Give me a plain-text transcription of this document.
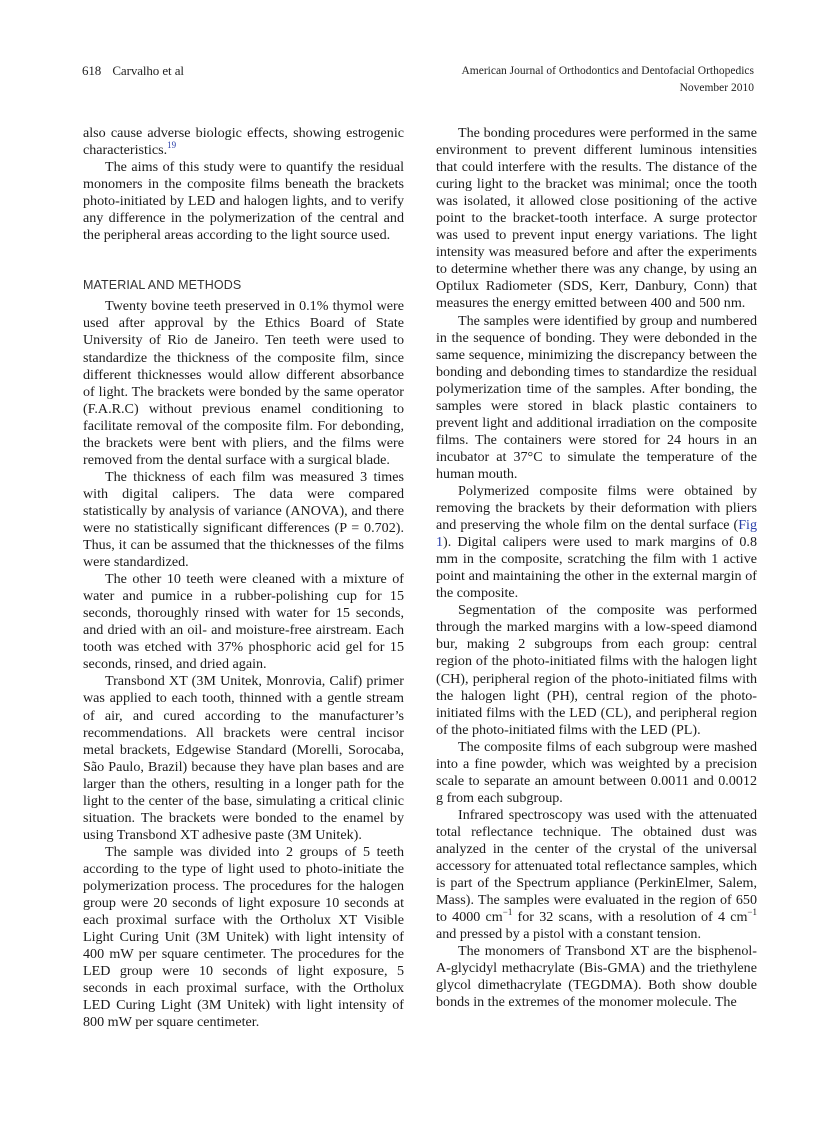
618 Carvalho et al	American Journal of Orthodontics and Dentofacial Orthopedics
November 2010

also cause adverse biologic effects, showing estrogenic characteristics.$^{19}$

The aims of this study were to quantify the residual monomers in the composite films beneath the brackets photo-initiated by LED and halogen lights, and to verify any difference in the polymerization of the central and the peripheral areas according to the light source used.

MATERIAL AND METHODS

Twenty bovine teeth preserved in 0.1% thymol were used after approval by the Ethics Board of State University of Rio de Janeiro. Ten teeth were used to standardize the thickness of the composite film, since different thicknesses would allow different absorbance of light. The brackets were bonded by the same operator (F.A.R.C) without previous enamel conditioning to facilitate removal of the composite film. For debonding, the brackets were bent with pliers, and the films were removed from the dental surface with a surgical blade.

The thickness of each film was measured 3 times with digital calipers. The data were compared statistically by analysis of variance (ANOVA), and there were no statistically significant differences (P = 0.702). Thus, it can be assumed that the thicknesses of the films were standardized.

The other 10 teeth were cleaned with a mixture of water and pumice in a rubber-polishing cup for 15 seconds, thoroughly rinsed with water for 15 seconds, and dried with an oil- and moisture-free airstream. Each tooth was etched with 37% phosphoric acid gel for 15 seconds, rinsed, and dried again.

Transbond XT (3M Unitek, Monrovia, Calif) primer was applied to each tooth, thinned with a gentle stream of air, and cured according to the manufacturer’s recommendations. All brackets were central incisor metal brackets, Edgewise Standard (Morelli, Sorocaba, São Paulo, Brazil) because they have plan bases and are larger than the others, resulting in a longer path for the light to the center of the base, simulating a critical clinic situation. The brackets were bonded to the enamel by using Transbond XT adhesive paste (3M Unitek).

The sample was divided into 2 groups of 5 teeth according to the type of light used to photo-initiate the polymerization process. The procedures for the halogen group were 20 seconds of light exposure 10 seconds at each proximal surface with the Ortholux XT Visible Light Curing Unit (3M Unitek) with light intensity of 400 mW per square centimeter. The procedures for the LED group were 10 seconds of light exposure, 5 seconds in each proximal surface, with the Ortholux LED Curing Light (3M Unitek) with light intensity of 800 mW per square centimeter.

The bonding procedures were performed in the same environment to prevent different luminous intensities that could interfere with the results. The distance of the curing light to the bracket was minimal; once the tooth was isolated, it allowed close positioning of the active point to the bracket-tooth interface. A surge protector was used to prevent input energy variations. The light intensity was measured before and after the experiments to determine whether there was any change, by using an Optilux Radiometer (SDS, Kerr, Danbury, Conn) that measures the energy emitted between 400 and 500 nm.

The samples were identified by group and numbered in the sequence of bonding. They were debonded in the same sequence, minimizing the discrepancy between the bonding and debonding times to standardize the residual polymerization time of the samples. After bonding, the samples were stored in black plastic containers to prevent light and additional irradiation on the composite films. The containers were stored for 24 hours in an incubator at 37°C to simulate the temperature of the human mouth.

Polymerized composite films were obtained by removing the brackets by their deformation with pliers and preserving the whole film on the dental surface (Fig 1). Digital calipers were used to mark margins of 0.8 mm in the composite, scratching the film with 1 active point and maintaining the other in the external margin of the composite.

Segmentation of the composite was performed through the marked margins with a low-speed diamond bur, making 2 subgroups from each group: central region of the photo-initiated films with the halogen light (CH), peripheral region of the photo-initiated films with the halogen light (PH), central region of the photo-initiated films with the LED (CL), and peripheral region of the photo-initiated films with the LED (PL).

The composite films of each subgroup were mashed into a fine powder, which was weighted by a precision scale to separate an amount between 0.0011 and 0.0012 g from each subgroup.

Infrared spectroscopy was used with the attenuated total reflectance technique. The obtained dust was analyzed in the center of the crystal of the universal accessory for attenuated total reflectance samples, which is part of the Spectrum appliance (PerkinElmer, Salem, Mass). The samples were evaluated in the region of 650 to 4000 $cm^{-1}$ for 32 scans, with a resolution of 4 $cm^{-1}$ and pressed by a pistol with a constant tension.

The monomers of Transbond XT are the bisphenol-A-glycidyl methacrylate (Bis-GMA) and the triethylene glycol dimethacrylate (TEGDMA). Both show double bonds in the extremes of the monomer molecule. The
